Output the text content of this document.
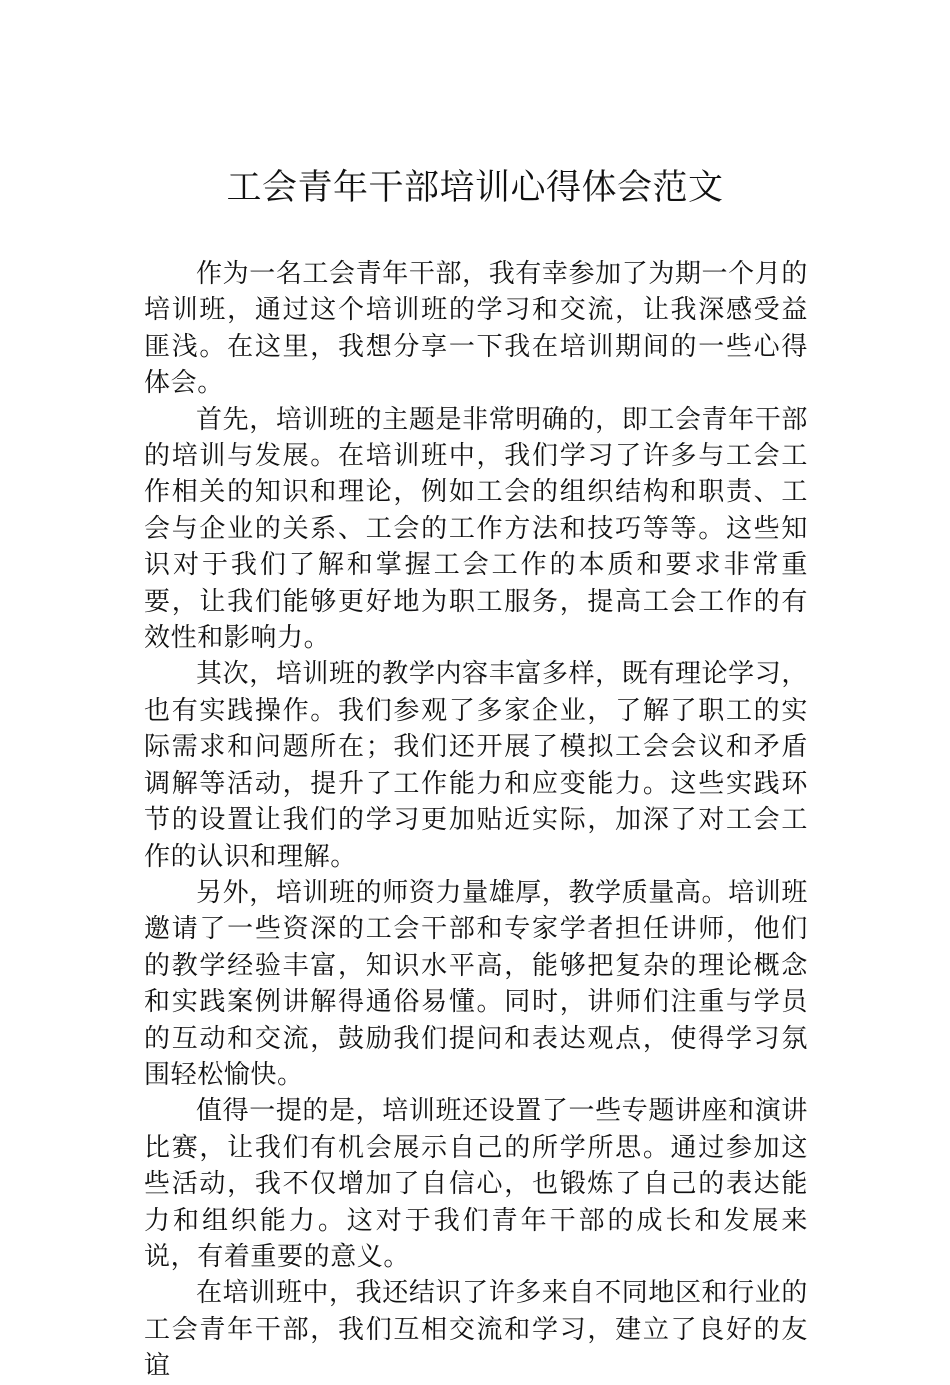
工会青年干部培训心得体会范文

作为一名工会青年干部，我有幸参加了为期一个月的培训班，通过这个培训班的学习和交流，让我深感受益匪浅。在这里，我想分享一下我在培训期间的一些心得体会。

首先，培训班的主题是非常明确的，即工会青年干部的培训与发展。在培训班中，我们学习了许多与工会工作相关的知识和理论，例如工会的组织结构和职责、工会与企业的关系、工会的工作方法和技巧等等。这些知识对于我们了解和掌握工会工作的本质和要求非常重要，让我们能够更好地为职工服务，提高工会工作的有效性和影响力。

其次，培训班的教学内容丰富多样，既有理论学习，也有实践操作。我们参观了多家企业，了解了职工的实际需求和问题所在；我们还开展了模拟工会会议和矛盾调解等活动，提升了工作能力和应变能力。这些实践环节的设置让我们的学习更加贴近实际，加深了对工会工作的认识和理解。

另外，培训班的师资力量雄厚，教学质量高。培训班邀请了一些资深的工会干部和专家学者担任讲师，他们的教学经验丰富，知识水平高，能够把复杂的理论概念和实践案例讲解得通俗易懂。同时，讲师们注重与学员的互动和交流，鼓励我们提问和表达观点，使得学习氛围轻松愉快。

值得一提的是，培训班还设置了一些专题讲座和演讲比赛，让我们有机会展示自己的所学所思。通过参加这些活动，我不仅增加了自信心，也锻炼了自己的表达能力和组织能力。这对于我们青年干部的成长和发展来说，有着重要的意义。

在培训班中，我还结识了许多来自不同地区和行业的工会青年干部，我们互相交流和学习，建立了良好的友谊
